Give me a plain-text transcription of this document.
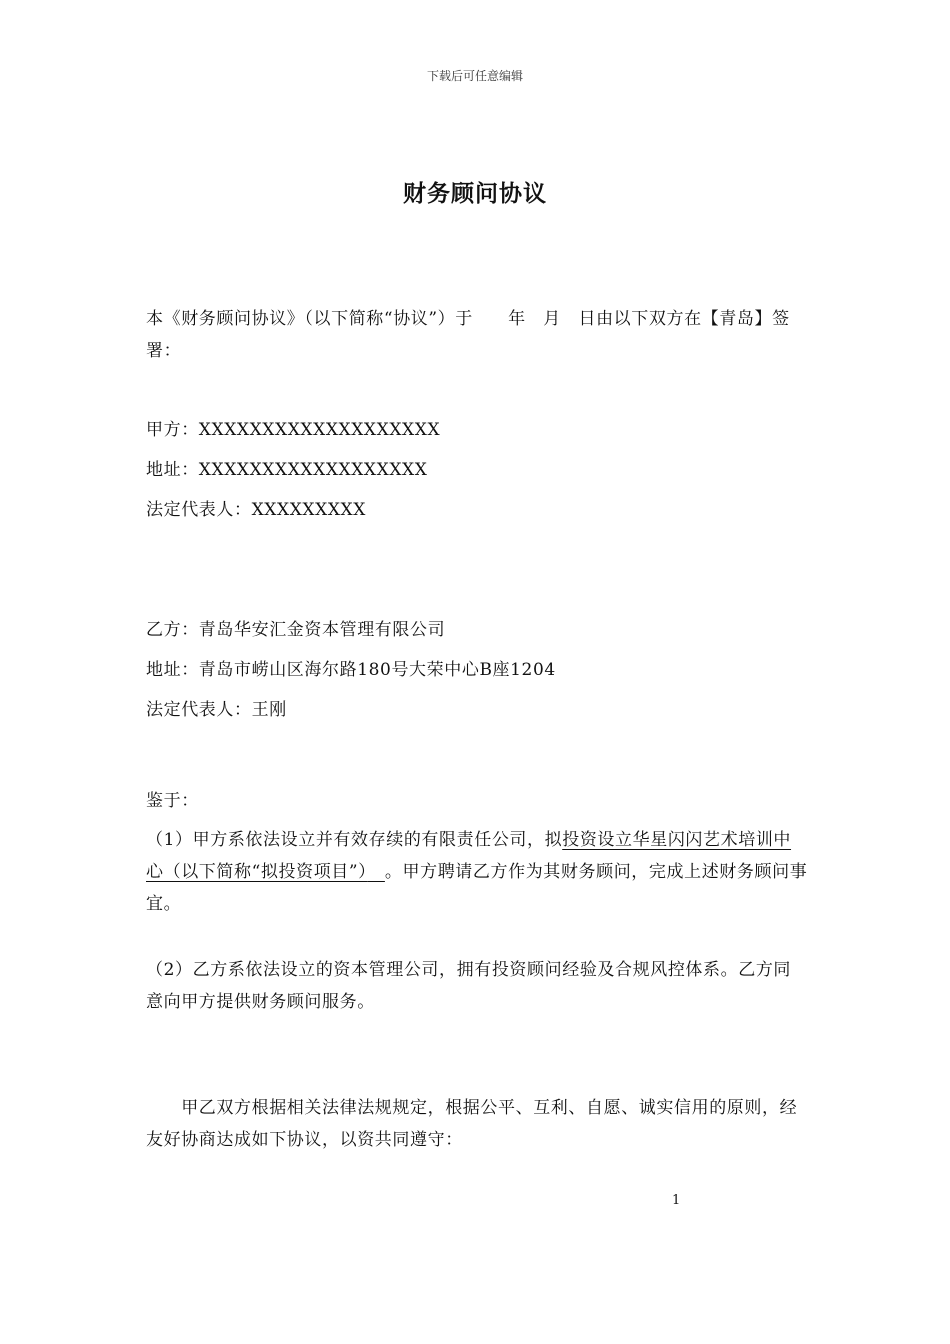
下载后可任意编辑
财务顾问协议
本《财务顾问协议》（以下简称“协议”）于　　年　月　日由以下双方在【青岛】签署：
甲方：XXXXXXXXXXXXXXXXXXX
地址：XXXXXXXXXXXXXXXXXX
法定代表人：XXXXXXXXX
乙方：青岛华安汇金资本管理有限公司
地址：青岛市崂山区海尔路180号大荣中心B座1204
法定代表人：王刚
鉴于：
（1）甲方系依法设立并有效存续的有限责任公司，拟投资设立华星闪闪艺术培训中心（以下简称“拟投资项目”）　 。甲方聘请乙方作为其财务顾问，完成上述财务顾问事宜。
（2）乙方系依法设立的资本管理公司，拥有投资顾问经验及合规风控体系。乙方同意向甲方提供财务顾问服务。
　　甲乙双方根据相关法律法规规定，根据公平、互利、自愿、诚实信用的原则，经友好协商达成如下协议，以资共同遵守：
1
